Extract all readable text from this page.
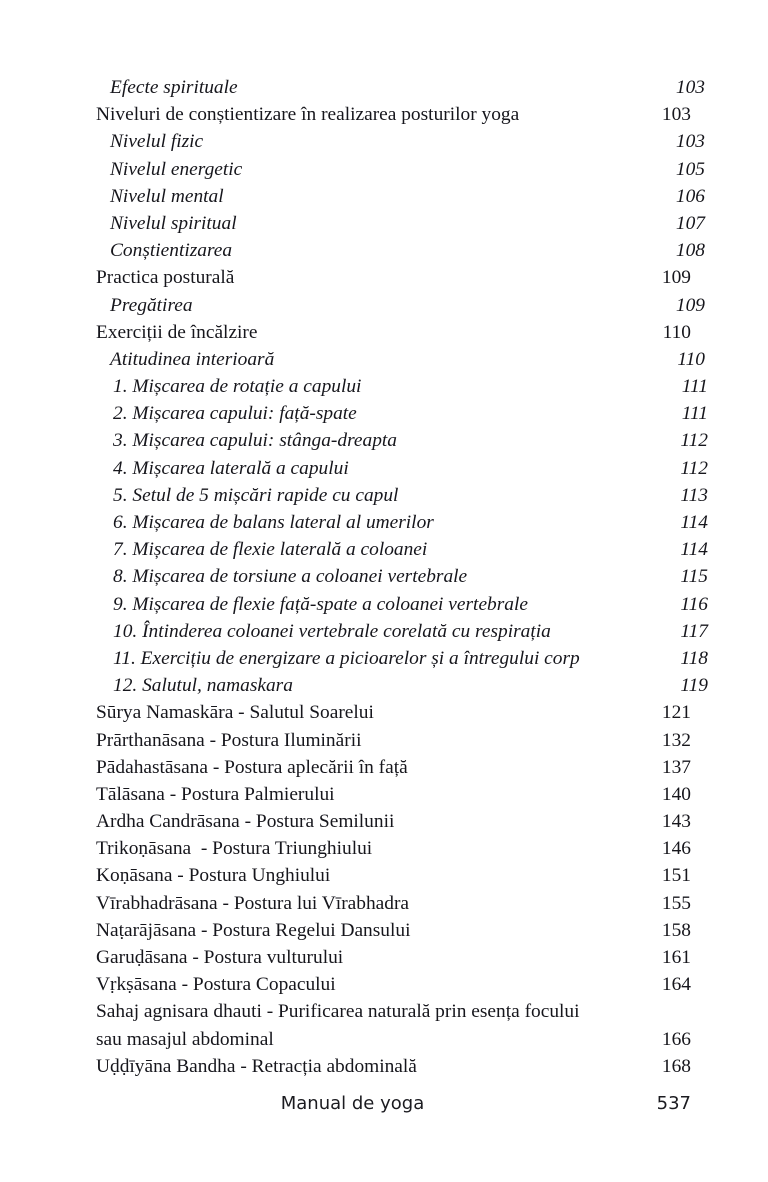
Efecte spirituale	103
Niveluri de conștientizare în realizarea posturilor yoga	103
Nivelul fizic	103
Nivelul energetic	105
Nivelul mental	106
Nivelul spiritual	107
Conștientizarea	108
Practica posturală	109
Pregătirea	109
Exerciții de încălzire	110
Atitudinea interioară	110
1. Mișcarea de rotație a capului	111
2. Mișcarea capului: față-spate	111
3. Mișcarea capului: stânga-dreapta	112
4. Mișcarea laterală a capului	112
5. Setul de 5 mișcări rapide cu capul	113
6. Mișcarea de balans lateral al umerilor	114
7. Mișcarea de flexie laterală a coloanei	114
8. Mișcarea de torsiune a coloanei vertebrale	115
9. Mișcarea de flexie față-spate a coloanei vertebrale	116
10. Întinderea coloanei vertebrale corelată cu respirația	117
11. Exercițiu de energizare a picioarelor și a întregului corp	118
12. Salutul, namaskara	119
Sūrya Namaskāra - Salutul Soarelui	121
Prārthanāsana - Postura Iluminării	132
Pādahastāsana - Postura aplecării în față	137
Tālāsana - Postura Palmierului	140
Ardha Candrāsana - Postura Semilunii	143
Trikoṇāsana  - Postura Triunghiului	146
Koṇāsana - Postura Unghiului	151
Vīrabhadrāsana - Postura lui Vīrabhadra	155
Naṭarājāsana - Postura Regelui Dansului	158
Garuḍāsana - Postura vulturului	161
Vṛkṣāsana - Postura Copacului	164
Sahaj agnisara dhauti - Purificarea naturală prin esența focului
sau masajul abdominal	166
Uḍḍīyāna Bandha - Retracția abdominală	168
Manual de yoga	537
